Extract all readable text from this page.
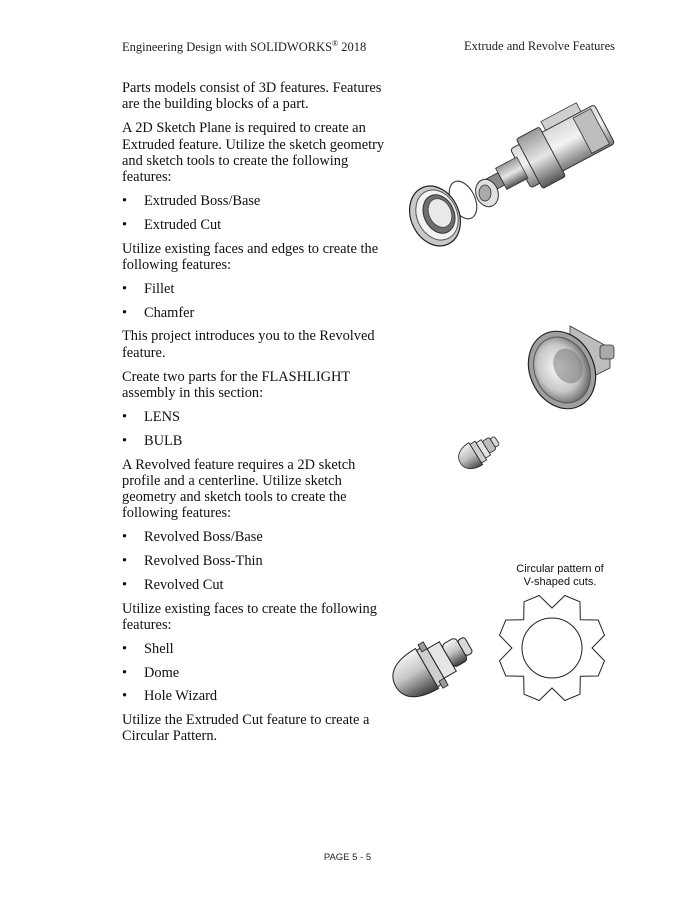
Engineering Design with SOLIDWORKS® 2018	Extrude and Revolve Features

Parts models consist of 3D features. Features are the building blocks of a part.

A 2D Sketch Plane is required to create an Extruded feature. Utilize the sketch geometry and sketch tools to create the following features:

• Extruded Boss/Base
• Extruded Cut

Utilize existing faces and edges to create the following features:

• Fillet
• Chamfer

This project introduces you to the Revolved feature.

Create two parts for the FLASHLIGHT assembly in this section:

• LENS
• BULB

A Revolved feature requires a 2D sketch profile and a centerline. Utilize sketch geometry and sketch tools to create the following features:

• Revolved Boss/Base
• Revolved Boss-Thin
• Revolved Cut

Utilize existing faces to create the following features:

• Shell
• Dome
• Hole Wizard

Utilize the Extruded Cut feature to create a Circular Pattern.

Circular pattern of
V-shaped cuts.
PAGE 5 - 5
